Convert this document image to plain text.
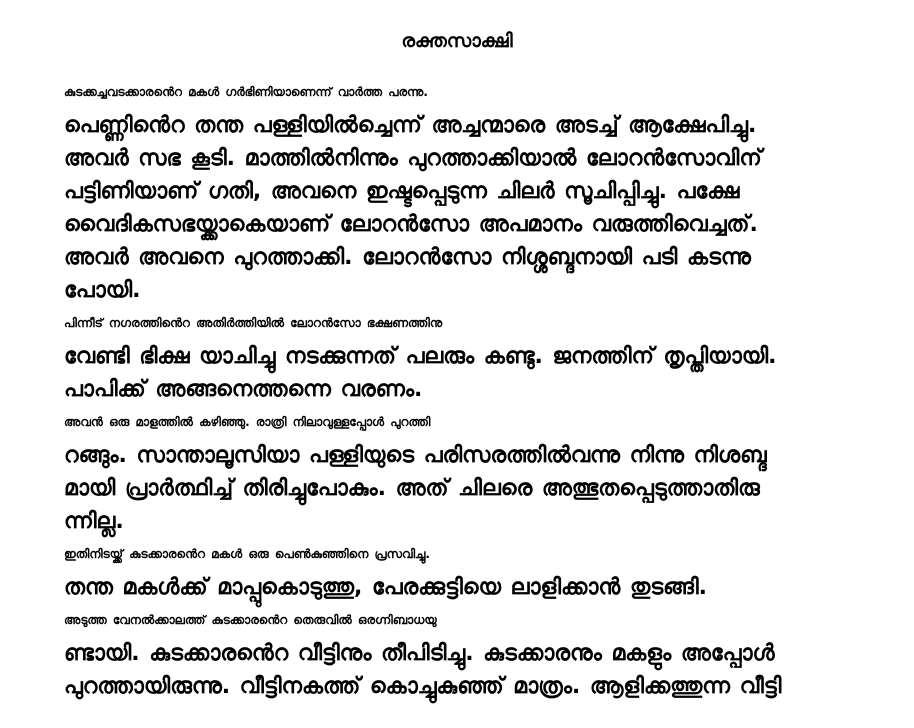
രക്തസാക്ഷി

കുടക്കച്ചവടക്കാരൻെറ മകൾ ഗർഭിണിയാണെന്ന് വാർത്ത പരന്നു.
പെണ്ണിൻെറ തന്ത പള്ളിയിൽച്ചെന്ന് അച്ചന്മാരെ അടച്ച് ആക്ഷേപിച്ചു.
അവർ സഭ കൂടി. മാത്തിൽനിന്നും പുറത്താക്കിയാൽ ലോറൻസോവിന്
പട്ടിണിയാണ് ഗതി, അവനെ ഇഷ്ടപ്പെടുന്ന ചിലർ സൂചിപ്പിച്ചു. പക്ഷേ
വൈദികസഭയ്ക്കാകെയാണ് ലോറൻസോ അപമാനം വരുത്തിവെച്ചത്.
അവർ അവനെ പുറത്താക്കി. ലോറൻസോ നിശ്ശബ്ദനായി പടി കടന്നു
പോയി.

പിന്നീട് നഗരത്തിൻെറ അതിർത്തിയിൽ ലോറൻസോ ഭക്ഷണത്തിനു
വേണ്ടി ഭിക്ഷ യാചിച്ചു നടക്കുന്നത് പലരും കണ്ടു. ജനത്തിന് തൃപ്തിയായി.
പാപിക്ക് അങ്ങനെത്തന്നെ വരണം.

അവൻ ഒരു മാളത്തിൽ കഴിഞ്ഞു. രാത്രി നിലാവുള്ളപ്പോൾ പുറത്തി
റങ്ങും. സാന്താലൂസിയാ പള്ളിയുടെ പരിസരത്തിൽവന്നു നിന്നു നിശബ്ദ
മായി പ്രാർത്ഥിച്ച് തിരിച്ചുപോകും. അത് ചിലരെ അത്ഭുതപ്പെടുത്താതിരു
ന്നില്ല.

ഇതിനിടയ്ക്ക് കുടക്കാരൻെറ മകൾ ഒരു പെൺകുഞ്ഞിനെ പ്രസവിച്ചു.
തന്ത മകൾക്ക് മാപ്പുകൊടുത്തു, പേരക്കുട്ടിയെ ലാളിക്കാൻ തുടങ്ങി.

അടുത്ത വേനൽക്കാലത്ത് കുടക്കാരൻെറ തെരുവിൽ ഒരഗ്നിബാധയു
ണ്ടായി. കുടക്കാരൻെറ വീട്ടിനും തീപിടിച്ചു. കുടക്കാരനും മകളും അപ്പോൾ
പുറത്തായിരുന്നു. വീട്ടിനകത്ത് കൊച്ചുകുഞ്ഞ് മാത്രം. ആളിക്കത്തുന്ന വീട്ടി
